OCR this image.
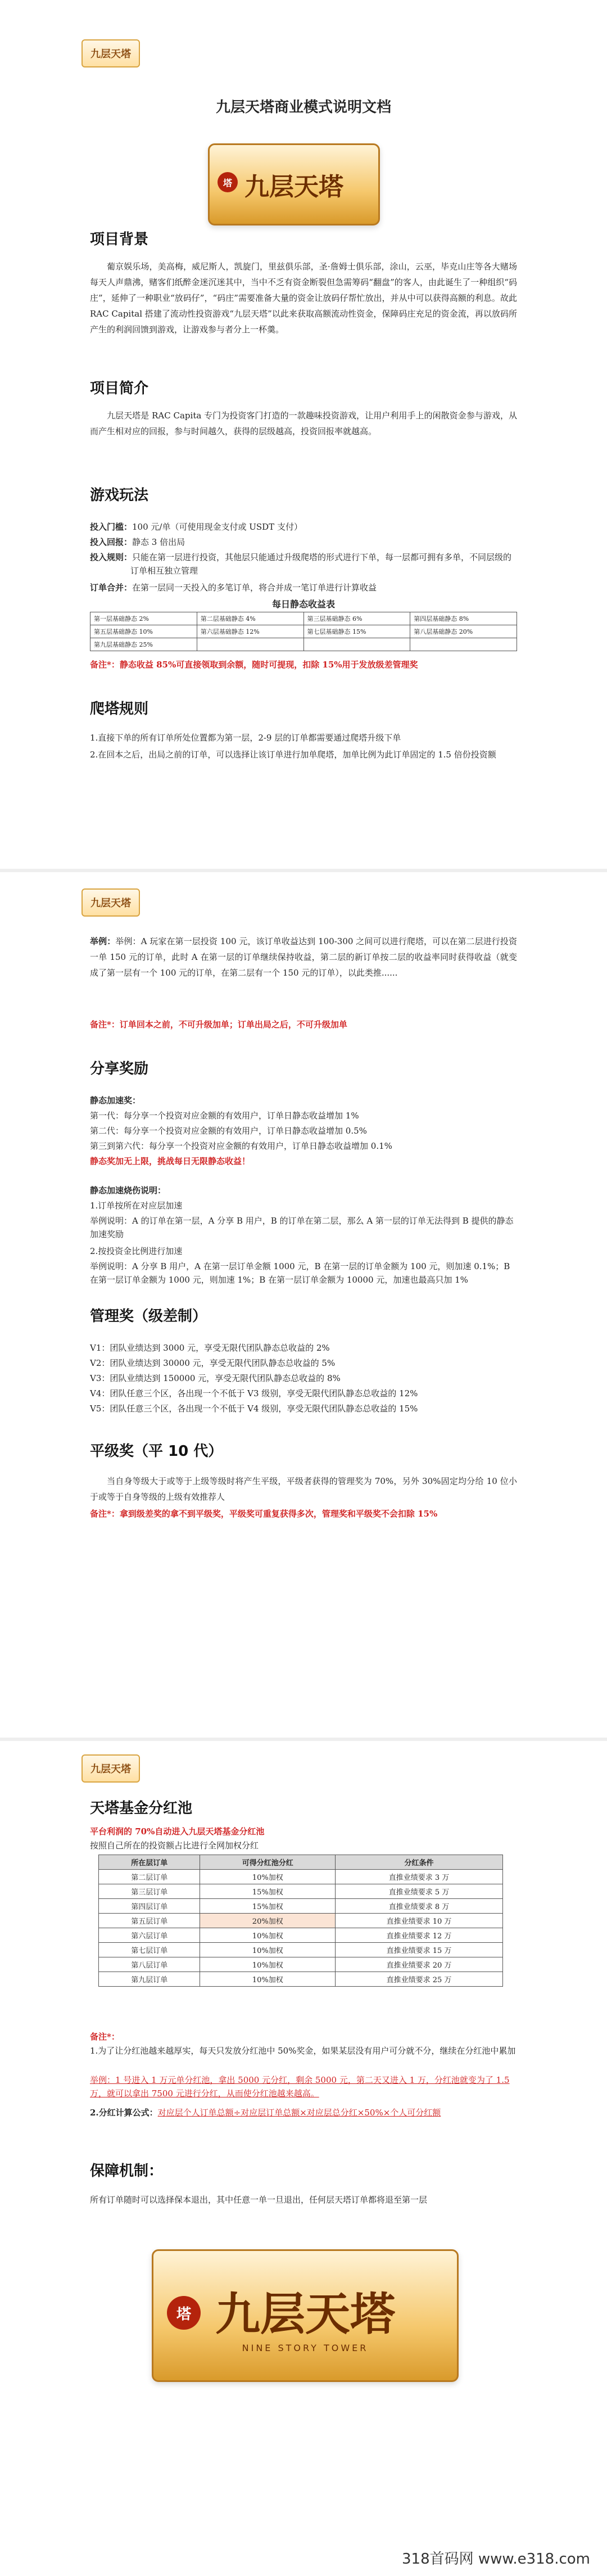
九层天塔
九层天塔商业模式说明文档
塔 九层天塔
项目背景
葡京娱乐场，美高梅，威尼斯人，凯旋门，里兹俱乐部，圣·詹姆士俱乐部，涂山，云巫，毕克山庄等各大赌场每天人声鼎沸，赌客们纸醉金迷沉迷其中，当中不乏有资金断裂但急需筹码“翻盘”的客人，由此诞生了一种组织“码庄”，延伸了一种职业“放码仔”，“码庄”需要准备大量的资金让放码仔帮忙放出，并从中可以获得高额的利息。故此 RAC Capital 搭建了流动性投资游戏“九层天塔”以此来获取高额流动性资金，保障码庄充足的资金流，再以放码所产生的利润回馈到游戏，让游戏参与者分上一杯羹。
项目简介
九层天塔是 RAC Capita 专门为投资客门打造的一款趣味投资游戏，让用户利用手上的闲散资金参与游戏，从而产生相对应的回报，参与时间越久，获得的层级越高，投资回报率就越高。
游戏玩法
投入门槛：100 元/单（可使用现金支付或 USDT 支付）
投入回报：静态 3 倍出局
投入规则：只能在第一层进行投资，其他层只能通过升级爬塔的形式进行下单，每一层都可拥有多单，不同层级的订单相互独立管理
订单合并：在第一层同一天投入的多笔订单，将合并成一笔订单进行计算收益
每日静态收益表
第一层基础静态 2%	第二层基础静态 4%	第三层基础静态 6%	第四层基础静态 8%
第五层基础静态 10%	第六层基础静态 12%	第七层基础静态 15%	第八层基础静态 20%
第九层基础静态 25%			
备注*：静态收益 85%可直接领取到余额，随时可提现，扣除 15%用于发放级差管理奖
爬塔规则
1.直接下单的所有订单所处位置都为第一层，2-9 层的订单都需要通过爬塔升级下单
2.在回本之后，出局之前的订单，可以选择让该订单进行加单爬塔，加单比例为此订单固定的 1.5 倍份投资额
九层天塔
举例：举例：A 玩家在第一层投资 100 元，该订单收益达到 100-300 之间可以进行爬塔，可以在第二层进行投资一单 150 元的订单，此时 A 在第一层的订单继续保持收益，第二层的新订单按二层的收益率同时获得收益（就变成了第一层有一个 100 元的订单，在第二层有一个 150 元的订单），以此类推......
备注*：订单回本之前，不可升级加单；订单出局之后，不可升级加单
分享奖励
静态加速奖：
第一代：每分享一个投资对应金额的有效用户，订单日静态收益增加 1%
第二代：每分享一个投资对应金额的有效用户，订单日静态收益增加 0.5%
第三到第六代：每分享一个投资对应金额的有效用户，订单日静态收益增加 0.1%
静态奖加无上限，挑战每日无限静态收益！
静态加速烧伤说明：
1.订单按所在对应层加速
举例说明：A 的订单在第一层，A 分享 B 用户，B 的订单在第二层，那么 A 第一层的订单无法得到 B 提供的静态加速奖励
2.按投资金比例进行加速
举例说明：A 分享 B 用户，A 在第一层订单金额 1000 元，B 在第一层的订单金额为 100 元，则加速 0.1%；B 在第一层订单金额为 1000 元，则加速 1%；B 在第一层订单金额为 10000 元，加速也最高只加 1%
管理奖（级差制）
V1：团队业绩达到 3000 元，享受无限代团队静态总收益的 2%
V2：团队业绩达到 30000 元，享受无限代团队静态总收益的 5%
V3：团队业绩达到 150000 元，享受无限代团队静态总收益的 8%
V4：团队任意三个区，各出现一个不低于 V3 级别，享受无限代团队静态总收益的 12%
V5：团队任意三个区，各出现一个不低于 V4 级别，享受无限代团队静态总收益的 15%
平级奖（平 10 代）
当自身等级大于或等于上级等级时将产生平级，平级者获得的管理奖为 70%，另外 30%固定均分给 10 位小于或等于自身等级的上级有效推荐人
备注*：拿到级差奖的拿不到平级奖，平级奖可重复获得多次，管理奖和平级奖不会扣除 15%
九层天塔
天塔基金分红池
平台利润的 70%自动进入九层天塔基金分红池
按照自己所在的投资额占比进行全网加权分红
所在层订单	可得分红池分红	分红条件
第二层订单	10%加权	直推业绩要求 3 万
第三层订单	15%加权	直推业绩要求 5 万
第四层订单	15%加权	直推业绩要求 8 万
第五层订单	20%加权	直推业绩要求 10 万
第六层订单	10%加权	直推业绩要求 12 万
第七层订单	10%加权	直推业绩要求 15 万
第八层订单	10%加权	直推业绩要求 20 万
第九层订单	10%加权	直推业绩要求 25 万
备注*：
1.为了让分红池越来越厚实，每天只发放分红池中 50%奖金，如果某层没有用户可分就不分，继续在分红池中累加
举例：1 号进入 1 万元单分红池，拿出 5000 元分红，剩余 5000 元，第二天又进入 1 万，分红池就变为了 1.5 万，就可以拿出 7500 元进行分红，从而使分红池越来越高。
2.分红计算公式：对应层个人订单总额÷对应层订单总额×对应层总分红×50%×个人可分红额
保障机制：
所有订单随时可以选择保本退出，其中任意一单一旦退出，任何层天塔订单都将退至第一层
塔 九层天塔
NINE STORY TOWER
318首码网 www.e318.com
